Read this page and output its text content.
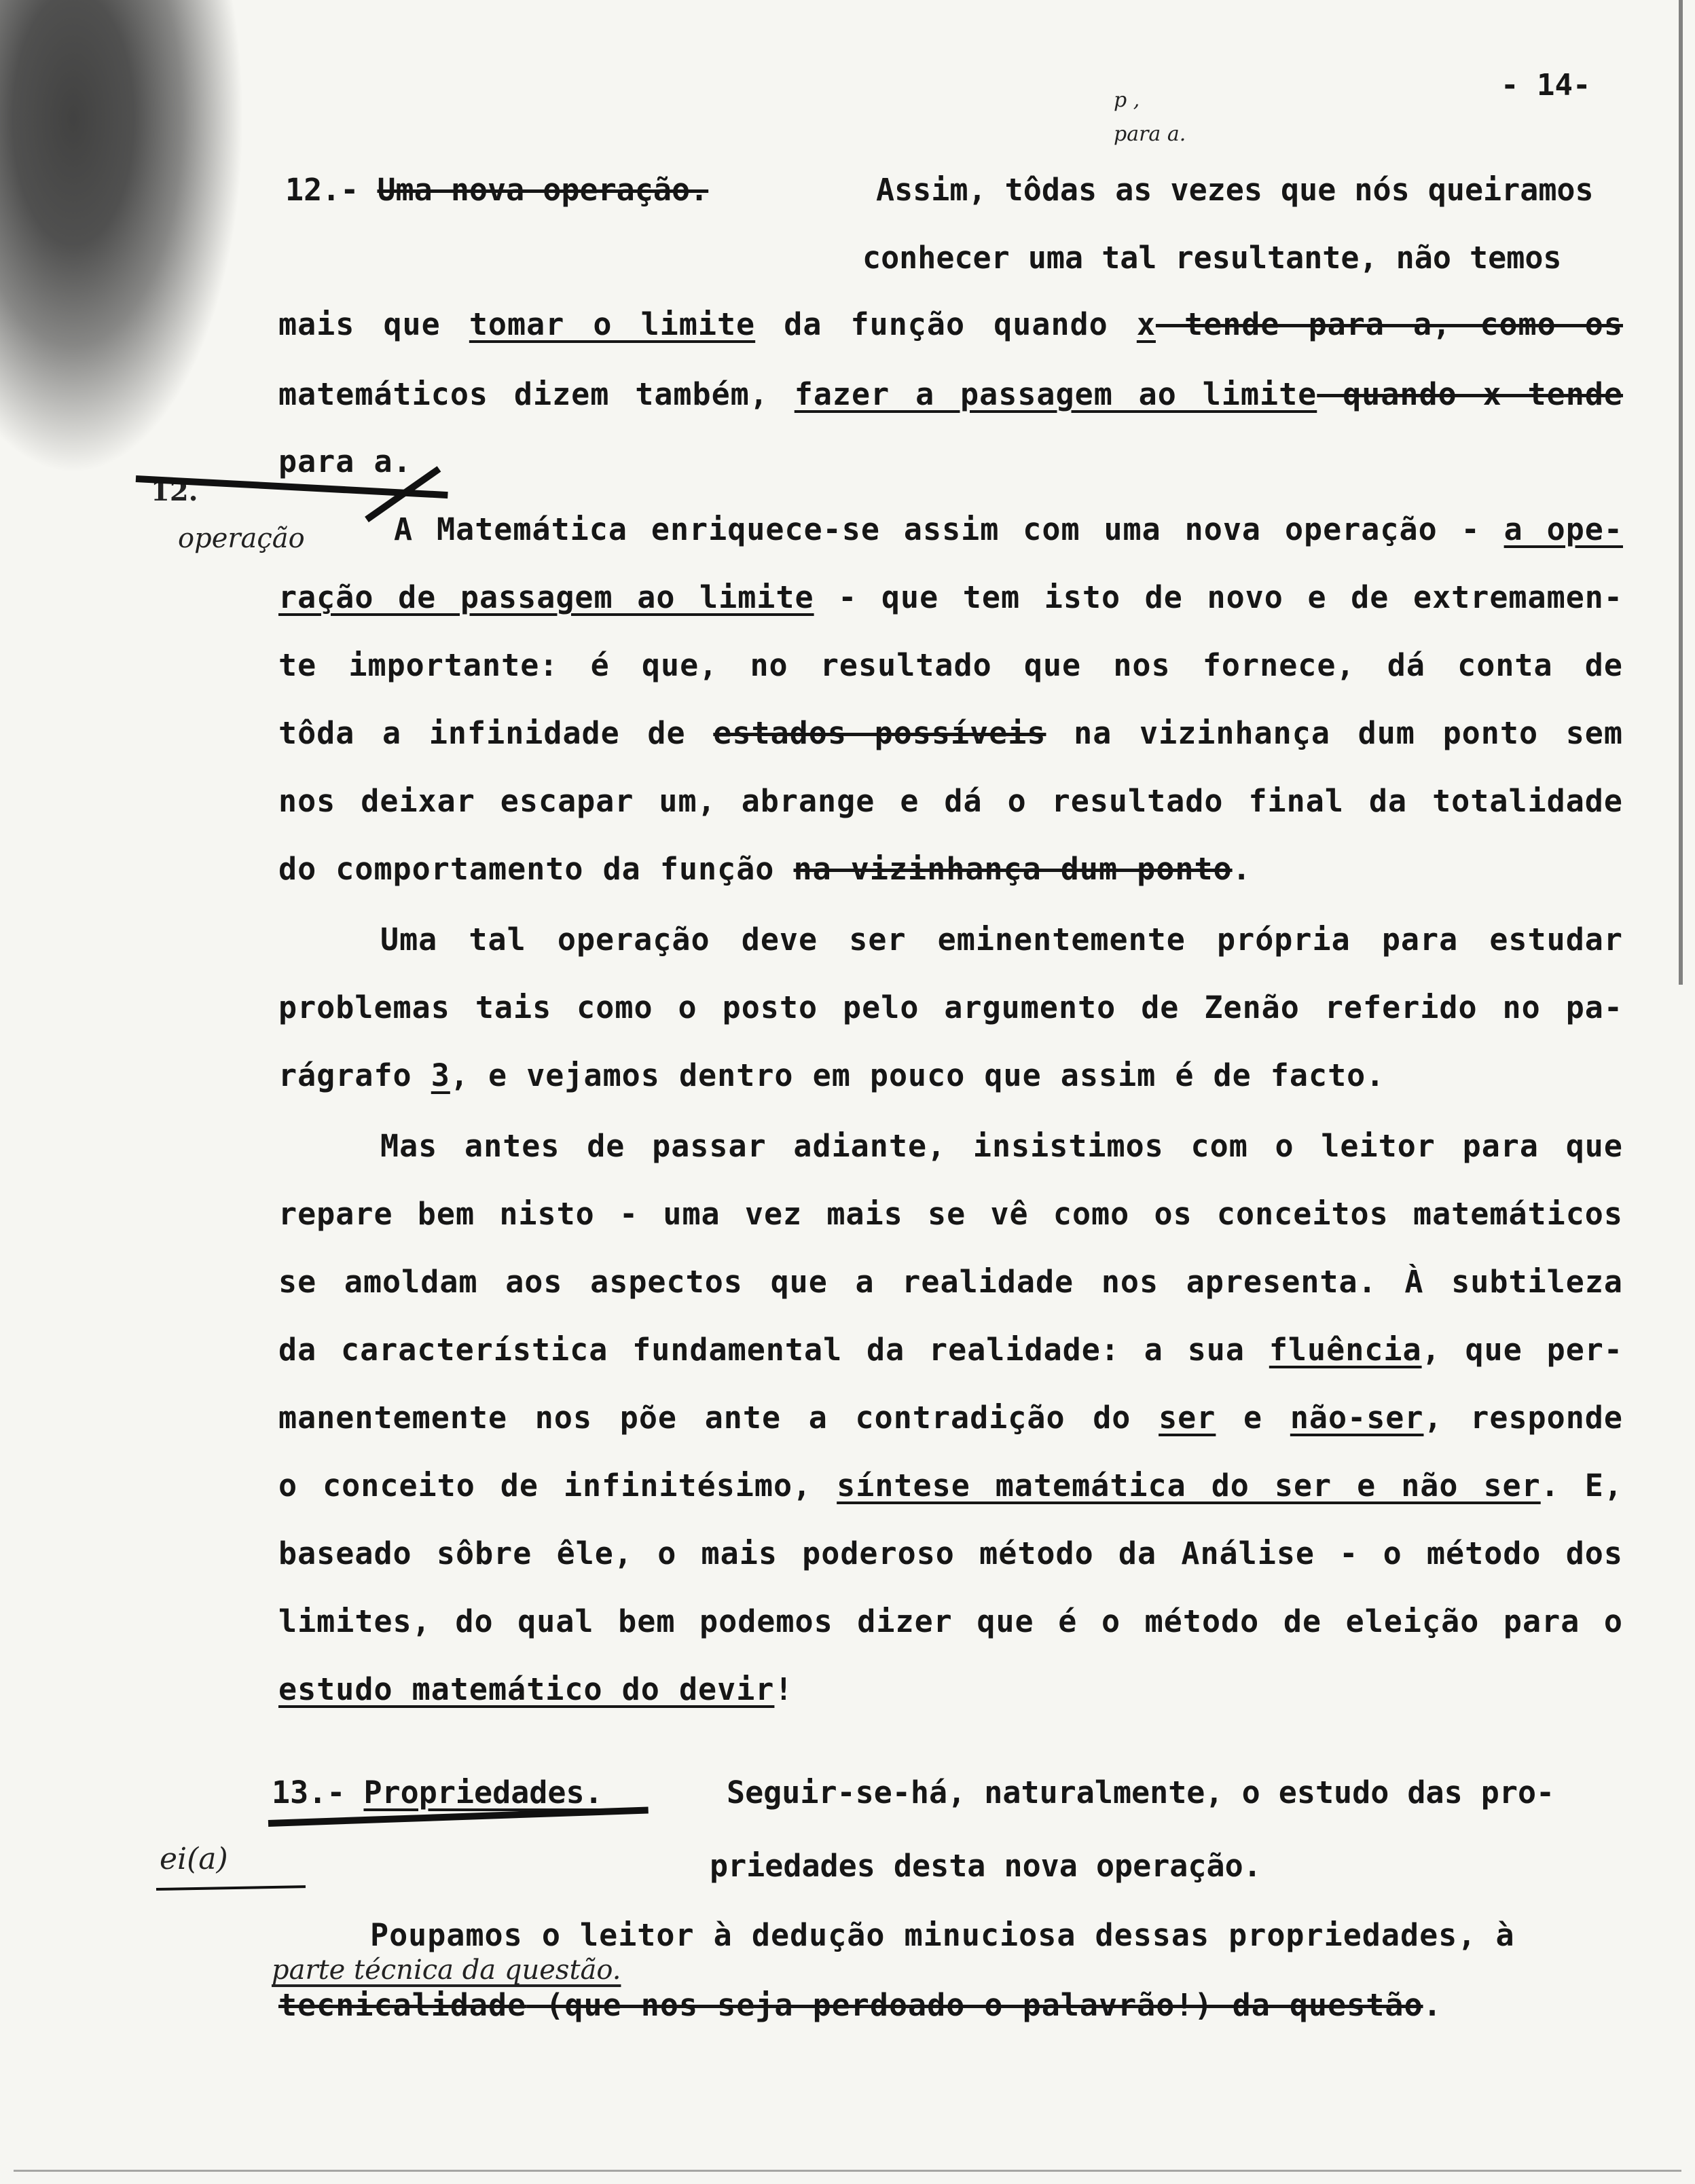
- 14-
p ,
para a.
12.- Uma nova operação.	Assim, tôdas as vezes que nós queiramos
conhecer uma tal resultante, não temos
mais que tomar o limite da função quando x tende para a, como os
matemáticos dizem também, fazer a passagem ao limite quando x tende
para a.
12.
operação	A Matemática enriquece-se assim com uma nova operação - a ope-
ração de passagem ao limite - que tem isto de novo e de extremamen-
te importante: é que, no resultado que nos fornece, dá conta de
tôda a infinidade de estados possíveis na vizinhança dum ponto sem
nos deixar escapar um, abrange e dá o resultado final da totalidade
do comportamento da função na vizinhança dum ponto.
Uma tal operação deve ser eminentemente própria para estudar
problemas tais como o posto pelo argumento de Zenão referido no pa-
rágrafo 3, e vejamos dentro em pouco que assim é de facto.
Mas antes de passar adiante, insistimos com o leitor para que
repare bem nisto - uma vez mais se vê como os conceitos matemáticos
se amoldam aos aspectos que a realidade nos apresenta. À subtileza
da característica fundamental da realidade: a sua fluência, que per-
manentemente nos põe ante a contradição do ser e não-ser, responde
o conceito de infinitésimo, síntese matemática do ser e não ser. E,
baseado sôbre êle, o mais poderoso método da Análise - o método dos
limites, do qual bem podemos dizer que é o método de eleição para o
estudo matemático do devir!
13.- Propriedades.	Seguir-se-há, naturalmente, o estudo das pro-
priedades desta nova operação.
ei(a)
Poupamos o leitor à dedução minuciosa dessas propriedades, à
parte técnica da questão.
tecnicalidade (que nos seja perdoado o palavrão!) da questão.
